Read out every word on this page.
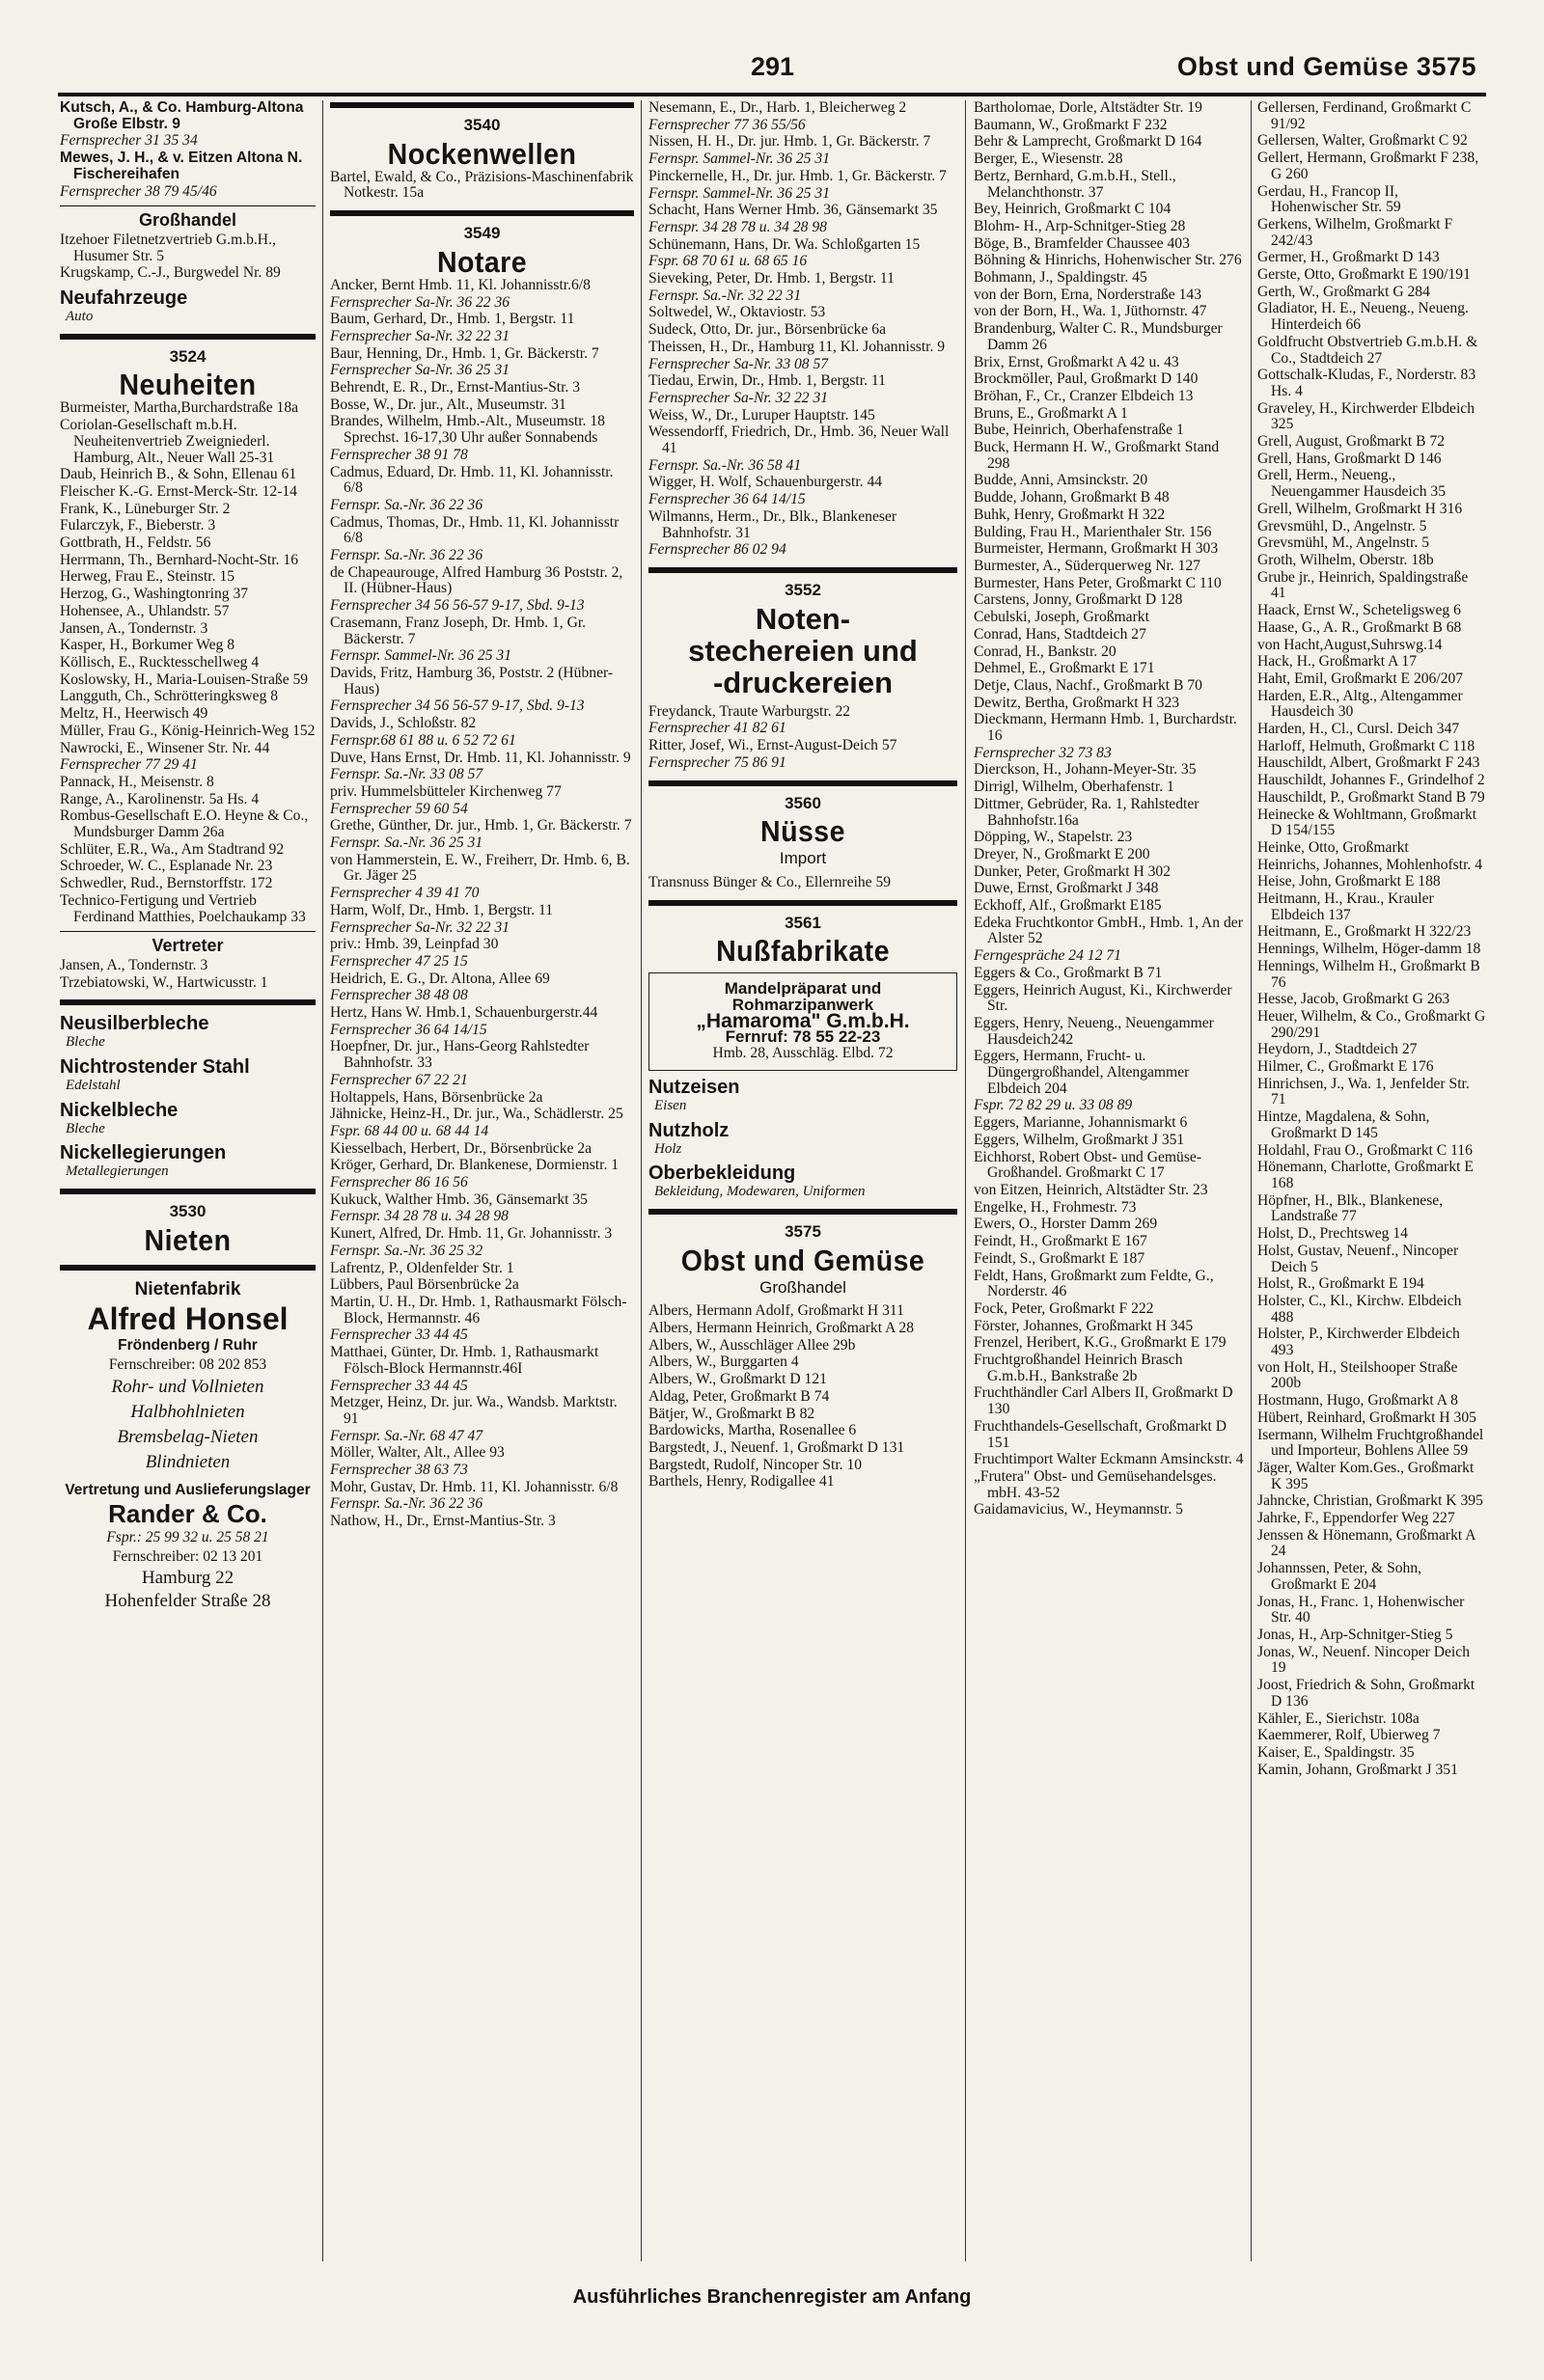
291	Obst und Gemüse 3575
Kutsch, A., & Co. Hamburg-Altona Große Elbstr. 9
Fernsprecher 31 35 34
Mewes, J. H., & v. Eitzen Altona N. Fischereihafen
Fernsprecher 38 79 45/46
Großhandel
Itzehoer Filetnetzvertrieb G.m.b.H., Husumer Str. 5
Krugskamp, C.-J., Burgwedel Nr. 89
Neufahrzeuge
Auto
3524
Neuheiten
Burmeister, Martha,Burchardstraße 18a
Coriolan-Gesellschaft m.b.H. Neuheitenvertrieb Zweigniederl. Hamburg, Alt., Neuer Wall 25-31
Daub, Heinrich B., & Sohn, Ellenau 61
Fleischer K.-G. Ernst-Merck-Str. 12-14
Frank, K., Lüneburger Str. 2
Fularczyk, F., Bieberstr. 3
Gottbrath, H., Feldstr. 56
Herrmann, Th., Bernhard-Nocht-Str. 16
Herweg, Frau E., Steinstr. 15
Herzog, G., Washingtonring 37
Hohensee, A., Uhlandstr. 57
Jansen, A., Tondernstr. 3
Kasper, H., Borkumer Weg 8
Köllisch, E., Rucktesschellweg 4
Koslowsky, H., Maria-Louisen-Straße 59
Langguth, Ch., Schrötteringksweg 8
Meltz, H., Heerwisch 49
Müller, Frau G., König-Heinrich-Weg 152
Nawrocki, E., Winsener Str. Nr. 44
Fernsprecher 77 29 41
Pannack, H., Meisenstr. 8
Range, A., Karolinenstr. 5a Hs. 4
Rombus-Gesellschaft E.O. Heyne & Co., Mundsburger Damm 26a
Schlüter, E.R., Wa., Am Stadtrand 92
Schroeder, W. C., Esplanade Nr. 23
Schwedler, Rud., Bernstorffstr. 172
Technico-Fertigung und Vertrieb Ferdinand Matthies, Poelchaukamp 33
Vertreter
Jansen, A., Tondernstr. 3
Trzebiatowski, W., Hartwicusstr. 1
Neusilberbleche
Bleche
Nichtrostender Stahl
Edelstahl
Nickelbleche
Bleche
Nickellegierungen
Metallegierungen
3530
Nieten
Nietenfabrik
Alfred Honsel
Fröndenberg / Ruhr
Fernschreiber: 08 202 853
Rohr- und Vollnieten
Halbhohlnieten
Bremsbelag-Nieten
Blindnieten
Vertretung und Auslieferungslager
Rander & Co.
Fspr.: 25 99 32 u. 25 58 21
Fernschreiber: 02 13 201
Hamburg 22
Hohenfelder Straße 28
3540
Nockenwellen
Bartel, Ewald, & Co., Präzisions-Maschinenfabrik Notkestr. 15a
3549
Notare
Ancker, Bernt Hmb. 11, Kl. Johannisstr.6/8
Fernsprecher Sa-Nr. 36 22 36
Baum, Gerhard, Dr., Hmb. 1, Bergstr. 11
Fernsprecher Sa-Nr. 32 22 31
Baur, Henning, Dr., Hmb. 1, Gr. Bäckerstr. 7
Fernsprecher Sa-Nr. 36 25 31
Behrendt, E. R., Dr., Ernst-Mantius-Str. 3
Bosse, W., Dr. jur., Alt., Museumstr. 31
Brandes, Wilhelm, Hmb.-Alt., Museumstr. 18 Sprechst. 16-17,30 Uhr außer Sonnabends
Fernsprecher 38 91 78
Cadmus, Eduard, Dr. Hmb. 11, Kl. Johannisstr. 6/8
Fernspr. Sa.-Nr. 36 22 36
Cadmus, Thomas, Dr., Hmb. 11, Kl. Johannisstr 6/8
Fernspr. Sa.-Nr. 36 22 36
de Chapeaurouge, Alfred Hamburg 36 Poststr. 2, II. (Hübner-Haus)
Fernsprecher 34 56 56-57 9-17, Sbd. 9-13
Crasemann, Franz Joseph, Dr. Hmb. 1, Gr. Bäckerstr. 7
Fernspr. Sammel-Nr. 36 25 31
Davids, Fritz, Hamburg 36, Poststr. 2 (Hübner-Haus)
Fernsprecher 34 56 56-57 9-17, Sbd. 9-13
Davids, J., Schloßstr. 82
Fernspr.68 61 88 u. 6 52 72 61
Duve, Hans Ernst, Dr. Hmb. 11, Kl. Johannisstr. 9
Fernspr. Sa.-Nr. 33 08 57
priv. Hummelsbütteler Kirchenweg 77
Fernsprecher 59 60 54
Grethe, Günther, Dr. jur., Hmb. 1, Gr. Bäckerstr. 7
Fernspr. Sa.-Nr. 36 25 31
von Hammerstein, E. W., Freiherr, Dr. Hmb. 6, B. Gr. Jäger 25
Fernsprecher 4 39 41 70
Harm, Wolf, Dr., Hmb. 1, Bergstr. 11
Fernsprecher Sa-Nr. 32 22 31
priv.: Hmb. 39, Leinpfad 30
Fernsprecher 47 25 15
Heidrich, E. G., Dr. Altona, Allee 69
Fernsprecher 38 48 08
Hertz, Hans W. Hmb.1, Schauenburgerstr.44
Fernsprecher 36 64 14/15
Hoepfner, Dr. jur., Hans-Georg Rahlstedter Bahnhofstr. 33
Fernsprecher 67 22 21
Holtappels, Hans, Börsenbrücke 2a
Jähnicke, Heinz-H., Dr. jur., Wa., Schädlerstr. 25
Fspr. 68 44 00 u. 68 44 14
Kiesselbach, Herbert, Dr., Börsenbrücke 2a
Kröger, Gerhard, Dr. Blankenese, Dormienstr. 1
Fernsprecher 86 16 56
Kukuck, Walther Hmb. 36, Gänsemarkt 35
Fernspr. 34 28 78 u. 34 28 98
Kunert, Alfred, Dr. Hmb. 11, Gr. Johannisstr. 3
Fernspr. Sa.-Nr. 36 25 32
Lafrentz, P., Oldenfelder Str. 1
Lübbers, Paul Börsenbrücke 2a
Martin, U. H., Dr. Hmb. 1, Rathausmarkt Fölsch-Block, Hermannstr. 46
Fernsprecher 33 44 45
Matthaei, Günter, Dr. Hmb. 1, Rathausmarkt Fölsch-Block Hermannstr.46I
Fernsprecher 33 44 45
Metzger, Heinz, Dr. jur. Wa., Wandsb. Marktstr. 91
Fernspr. Sa.-Nr. 68 47 47
Möller, Walter, Alt., Allee 93
Fernsprecher 38 63 73
Mohr, Gustav, Dr. Hmb. 11, Kl. Johannisstr. 6/8
Fernspr. Sa.-Nr. 36 22 36
Nathow, H., Dr., Ernst-Mantius-Str. 3
Nesemann, E., Dr., Harb. 1, Bleicherweg 2
Fernsprecher 77 36 55/56
Nissen, H. H., Dr. jur. Hmb. 1, Gr. Bäckerstr. 7
Fernspr. Sammel-Nr. 36 25 31
Pinckernelle, H., Dr. jur. Hmb. 1, Gr. Bäckerstr. 7
Fernspr. Sammel-Nr. 36 25 31
Schacht, Hans Werner Hmb. 36, Gänsemarkt 35
Fernspr. 34 28 78 u. 34 28 98
Schünemann, Hans, Dr. Wa. Schloßgarten 15
Fspr. 68 70 61 u. 68 65 16
Sieveking, Peter, Dr. Hmb. 1, Bergstr. 11
Fernspr. Sa.-Nr. 32 22 31
Soltwedel, W., Oktaviostr. 53
Sudeck, Otto, Dr. jur., Börsenbrücke 6a
Theissen, H., Dr., Hamburg 11, Kl. Johannisstr. 9
Fernsprecher Sa-Nr. 33 08 57
Tiedau, Erwin, Dr., Hmb. 1, Bergstr. 11
Fernsprecher Sa-Nr. 32 22 31
Weiss, W., Dr., Luruper Hauptstr. 145
Wessendorff, Friedrich, Dr., Hmb. 36, Neuer Wall 41
Fernspr. Sa.-Nr. 36 58 41
Wigger, H. Wolf, Schauenburgerstr. 44
Fernsprecher 36 64 14/15
Wilmanns, Herm., Dr., Blk., Blankeneser Bahnhofstr. 31
Fernsprecher 86 02 94
3552
Noten-
stechereien und
-druckereien
Freydanck, Traute Warburgstr. 22
Fernsprecher 41 82 61
Ritter, Josef, Wi., Ernst-August-Deich 57
Fernsprecher 75 86 91
3560
Nüsse
Import
Transnuss Bünger & Co., Ellernreihe 59
3561
Nußfabrikate
Mandelpräparat und Rohmarzipanwerk
„Hamaroma" G.m.b.H.
Fernruf: 78 55 22-23
Hmb. 28, Ausschläg. Elbd. 72
Nutzeisen
Eisen
Nutzholz
Holz
Oberbekleidung
Bekleidung, Modewaren, Uniformen
3575
Obst und Gemüse
Großhandel
Albers, Hermann Adolf, Großmarkt H 311
Albers, Hermann Heinrich, Großmarkt A 28
Albers, W., Ausschläger Allee 29b
Albers, W., Burggarten 4
Albers, W., Großmarkt D 121
Aldag, Peter, Großmarkt B 74
Bätjer, W., Großmarkt B 82
Bardowicks, Martha, Rosenallee 6
Bargstedt, J., Neuenf. 1, Großmarkt D 131
Bargstedt, Rudolf, Nincoper Str. 10
Barthels, Henry, Rodigallee 41
Bartholomae, Dorle, Altstädter Str. 19
Baumann, W., Großmarkt F 232
Behr & Lamprecht, Großmarkt D 164
Berger, E., Wiesenstr. 28
Bertz, Bernhard, G.m.b.H., Stell., Melanchthonstr. 37
Bey, Heinrich, Großmarkt C 104
Blohm- H., Arp-Schnitger-Stieg 28
Böge, B., Bramfelder Chaussee 403
Böhning & Hinrichs, Hohenwischer Str. 276
Bohmann, J., Spaldingstr. 45
von der Born, Erna, Norderstraße 143
von der Born, H., Wa. 1, Jüthornstr. 47
Brandenburg, Walter C. R., Mundsburger Damm 26
Brix, Ernst, Großmarkt A 42 u. 43
Brockmöller, Paul, Großmarkt D 140
Bröhan, F., Cr., Cranzer Elbdeich 13
Bruns, E., Großmarkt A 1
Bube, Heinrich, Oberhafenstraße 1
Buck, Hermann H. W., Großmarkt Stand 298
Budde, Anni, Amsinckstr. 20
Budde, Johann, Großmarkt B 48
Buhk, Henry, Großmarkt H 322
Bulding, Frau H., Marienthaler Str. 156
Burmeister, Hermann, Großmarkt H 303
Burmester, A., Süderquerweg Nr. 127
Burmester, Hans Peter, Großmarkt C 110
Carstens, Jonny, Großmarkt D 128
Cebulski, Joseph, Großmarkt
Conrad, Hans, Stadtdeich 27
Conrad, H., Bankstr. 20
Dehmel, E., Großmarkt E 171
Detje, Claus, Nachf., Großmarkt B 70
Dewitz, Bertha, Großmarkt H 323
Dieckmann, Hermann Hmb. 1, Burchardstr. 16
Fernsprecher 32 73 83
Dierckson, H., Johann-Meyer-Str. 35
Dirrigl, Wilhelm, Oberhafenstr. 1
Dittmer, Gebrüder, Ra. 1, Rahlstedter Bahnhofstr.16a
Döpping, W., Stapelstr. 23
Dreyer, N., Großmarkt E 200
Dunker, Peter, Großmarkt H 302
Duwe, Ernst, Großmarkt J 348
Eckhoff, Alf., Großmarkt E185
Edeka Fruchtkontor GmbH., Hmb. 1, An der Alster 52
Ferngespräche 24 12 71
Eggers & Co., Großmarkt B 71
Eggers, Heinrich August, Ki., Kirchwerder Str.
Eggers, Henry, Neueng., Neuengammer Hausdeich242
Eggers, Hermann, Frucht- u. Düngergroßhandel, Altengammer Elbdeich 204
Fspr. 72 82 29 u. 33 08 89
Eggers, Marianne, Johannismarkt 6
Eggers, Wilhelm, Großmarkt J 351
Eichhorst, Robert Obst- und Gemüse-Großhandel. Großmarkt C 17
von Eitzen, Heinrich, Altstädter Str. 23
Engelke, H., Frohmestr. 73
Ewers, O., Horster Damm 269
Feindt, H., Großmarkt E 167
Feindt, S., Großmarkt E 187
Feldt, Hans, Großmarkt zum Feldte, G., Norderstr. 46
Fock, Peter, Großmarkt F 222
Förster, Johannes, Großmarkt H 345
Frenzel, Heribert, K.G., Großmarkt E 179
Fruchtgroßhandel Heinrich Brasch G.m.b.H., Bankstraße 2b
Fruchthändler Carl Albers II, Großmarkt D 130
Fruchthandels-Gesellschaft, Großmarkt D 151
Fruchtimport Walter Eckmann Amsinckstr. 4
„Frutera" Obst- und Gemüsehandelsges. mbH. 43-52
Gaidamavicius, W., Heymannstr. 5
Gellersen, Ferdinand, Großmarkt C 91/92
Gellersen, Walter, Großmarkt C 92
Gellert, Hermann, Großmarkt F 238, G 260
Gerdau, H., Francop II, Hohenwischer Str. 59
Gerkens, Wilhelm, Großmarkt F 242/43
Germer, H., Großmarkt D 143
Gerste, Otto, Großmarkt E 190/191
Gerth, W., Großmarkt G 284
Gladiator, H. E., Neueng., Neueng. Hinterdeich 66
Goldfrucht Obstvertrieb G.m.b.H. & Co., Stadtdeich 27
Gottschalk-Kludas, F., Norderstr. 83 Hs. 4
Graveley, H., Kirchwerder Elbdeich 325
Grell, August, Großmarkt B 72
Grell, Hans, Großmarkt D 146
Grell, Herm., Neueng., Neuengammer Hausdeich 35
Grell, Wilhelm, Großmarkt H 316
Grevsmühl, D., Angelnstr. 5
Grevsmühl, M., Angelnstr. 5
Groth, Wilhelm, Oberstr. 18b
Grube jr., Heinrich, Spaldingstraße 41
Haack, Ernst W., Scheteligsweg 6
Haase, G., A. R., Großmarkt B 68
von Hacht,August,Suhrswg.14
Hack, H., Großmarkt A 17
Haht, Emil, Großmarkt E 206/207
Harden, E.R., Altg., Altengammer Hausdeich 30
Harden, H., Cl., Cursl. Deich 347
Harloff, Helmuth, Großmarkt C 118
Hauschildt, Albert, Großmarkt F 243
Hauschildt, Johannes F., Grindelhof 2
Hauschildt, P., Großmarkt Stand B 79
Heinecke & Wohltmann, Großmarkt D 154/155
Heinke, Otto, Großmarkt
Heinrichs, Johannes, Mohlenhofstr. 4
Heise, John, Großmarkt E 188
Heitmann, H., Krau., Krauler Elbdeich 137
Heitmann, E., Großmarkt H 322/23
Hennings, Wilhelm, Höger-damm 18
Hennings, Wilhelm H., Großmarkt B 76
Hesse, Jacob, Großmarkt G 263
Heuer, Wilhelm, & Co., Großmarkt G 290/291
Heydorn, J., Stadtdeich 27
Hilmer, C., Großmarkt E 176
Hinrichsen, J., Wa. 1, Jenfelder Str. 71
Hintze, Magdalena, & Sohn, Großmarkt D 145
Holdahl, Frau O., Großmarkt C 116
Hönemann, Charlotte, Großmarkt E 168
Höpfner, H., Blk., Blankenese, Landstraße 77
Holst, D., Prechtsweg 14
Holst, Gustav, Neuenf., Nincoper Deich 5
Holst, R., Großmarkt E 194
Holster, C., Kl., Kirchw. Elbdeich 488
Holster, P., Kirchwerder Elbdeich 493
von Holt, H., Steilshooper Straße 200b
Hostmann, Hugo, Großmarkt A 8
Hübert, Reinhard, Großmarkt H 305
Isermann, Wilhelm Fruchtgroßhandel und Importeur, Bohlens Allee 59
Jäger, Walter Kom.Ges., Großmarkt K 395
Jahncke, Christian, Großmarkt K 395
Jahrke, F., Eppendorfer Weg 227
Jenssen & Hönemann, Großmarkt A 24
Johannssen, Peter, & Sohn, Großmarkt E 204
Jonas, H., Franc. 1, Hohenwischer Str. 40
Jonas, H., Arp-Schnitger-Stieg 5
Jonas, W., Neuenf. Nincoper Deich 19
Joost, Friedrich & Sohn, Großmarkt D 136
Kähler, E., Sierichstr. 108a
Kaemmerer, Rolf, Ubierweg 7
Kaiser, E., Spaldingstr. 35
Kamin, Johann, Großmarkt J 351
Ausführliches Branchenregister am Anfang
